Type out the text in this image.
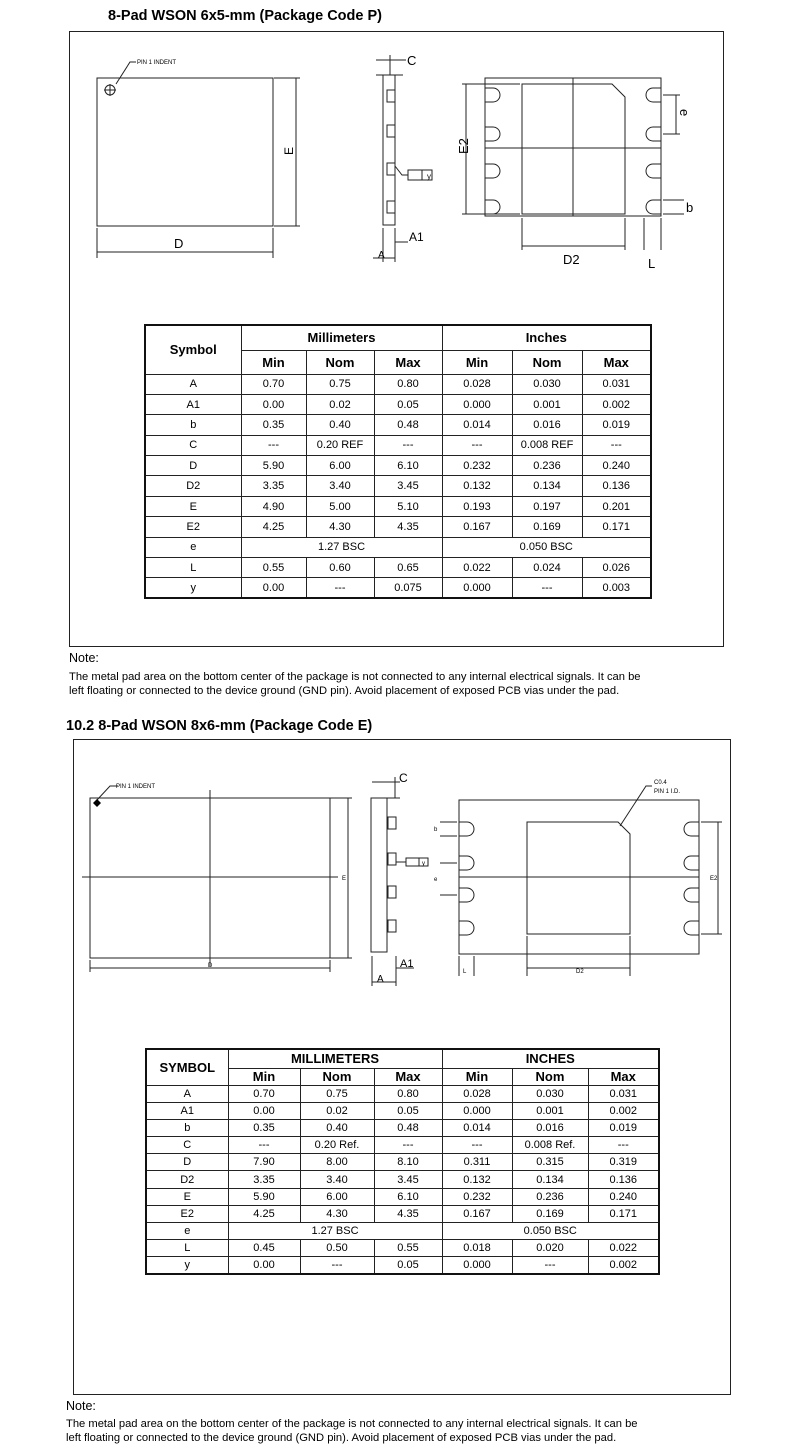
8-Pad WSON 6x5-mm (Package Code P)
PIN 1 INDENT
D
E
C
A1
A
y
E2
D2	L
e
b
PIN 1 INDENT
D
E
C
A1
A
y
C0.4
PIN 1 I.D.
D2
E2
L
b
e
Symbol	Millimeters			Inches		
	Min	Nom	Max	Min	Nom	Max
A	0.70	0.75	0.80	0.028	0.030	0.031
A1	0.00	0.02	0.05	0.000	0.001	0.002
b	0.35	0.40	0.48	0.014	0.016	0.019
C	---	0.20 REF	---	---	0.008 REF	---
D	5.90	6.00	6.10	0.232	0.236	0.240
D2	3.35	3.40	3.45	0.132	0.134	0.136
E	4.90	5.00	5.10	0.193	0.197	0.201
E2	4.25	4.30	4.35	0.167	0.169	0.171
e	1.27 BSC			0.050 BSC		
L	0.55	0.60	0.65	0.022	0.024	0.026
y	0.00	---	0.075	0.000	---	0.003
Note:
The metal pad area on the bottom center of the package is not connected to any internal electrical signals. It can be
left floating or connected to the device ground (GND pin). Avoid placement of exposed PCB vias under the pad.
10.2 8-Pad WSON 8x6-mm (Package Code E)
SYMBOL	MILLIMETERS			INCHES		
	Min	Nom	Max	Min	Nom	Max
A	0.70	0.75	0.80	0.028	0.030	0.031
A1	0.00	0.02	0.05	0.000	0.001	0.002
b	0.35	0.40	0.48	0.014	0.016	0.019
C	---	0.20 Ref.	---	---	0.008 Ref.	---
D	7.90	8.00	8.10	0.311	0.315	0.319
D2	3.35	3.40	3.45	0.132	0.134	0.136
E	5.90	6.00	6.10	0.232	0.236	0.240
E2	4.25	4.30	4.35	0.167	0.169	0.171
e	1.27 BSC			0.050 BSC		
L	0.45	0.50	0.55	0.018	0.020	0.022
y	0.00	---	0.05	0.000	---	0.002
Note:
The metal pad area on the bottom center of the package is not connected to any internal electrical signals. It can be
left floating or connected to the device ground (GND pin). Avoid placement of exposed PCB vias under the pad.
